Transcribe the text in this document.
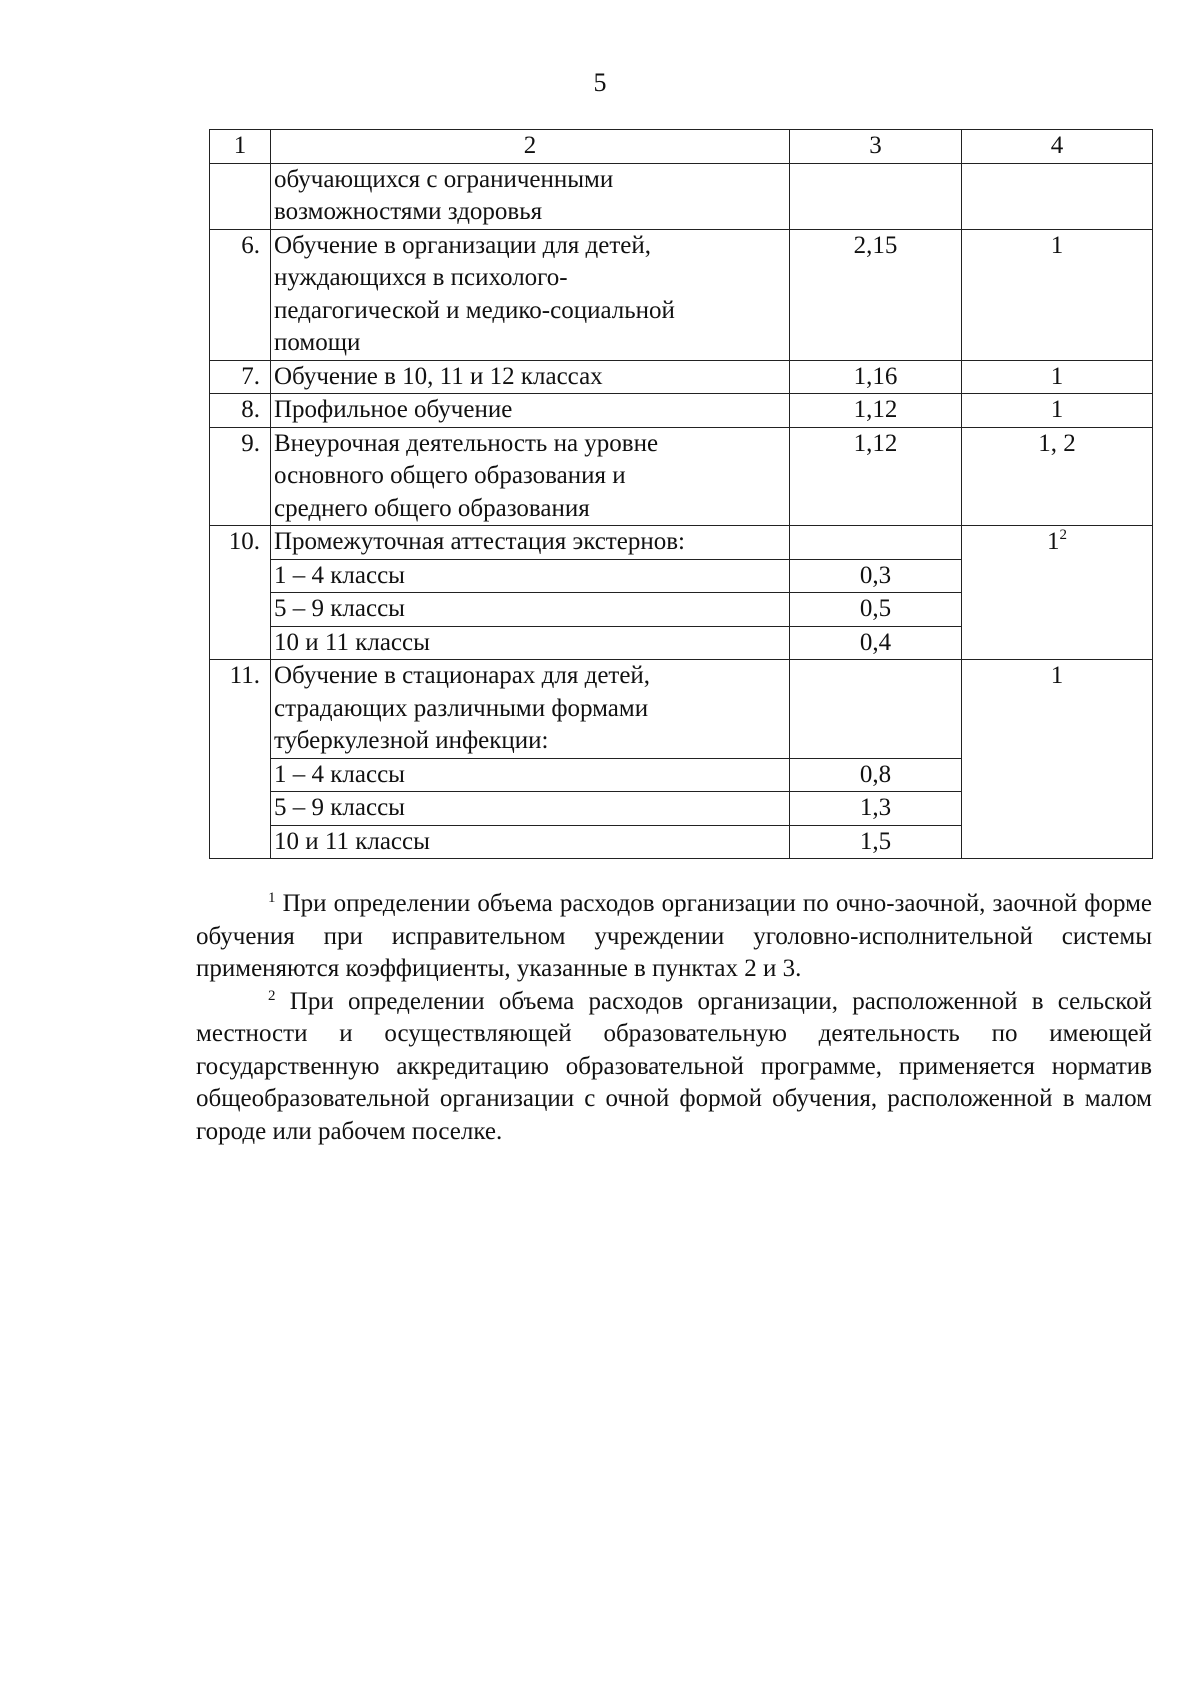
5
1	2	3	4

	обучающихся с ограниченными
возможностями здоровья		

6.	Обучение в организации для детей,
нуждающихся в психолого-
педагогической и медико-социальной
помощи	2,15	1
7.	Обучение в 10, 11 и 12 классах	1,16	1
8.	Профильное обучение	1,12	1
9.	Внеурочная деятельность на уровне
основного общего образования и
среднего общего образования	1,12	1, 2
10.	Промежуточная аттестация экстернов:		$1^2$
	1 – 4 классы	0,3	
	5 – 9 классы	0,5	
	10 и 11 классы	0,4	
11.	Обучение в стационарах для детей,
страдающих различными формами
туберкулезной инфекции:		1
	1 – 4 классы	0,8	
	5 – 9 классы	1,3	
	10 и 11 классы	1,5	

$^1$ При определении объема расходов организации по очно-заочной, заочной форме обучения при исправительном учреждении уголовно-исполнительной системы применяются коэффициенты, указанные в пунктах 2 и 3.

$^2$ При определении объема расходов организации, расположенной в сельской местности и осуществляющей образовательную деятельность по имеющей государственную аккредитацию образовательной программе, применяется норматив общеобразовательной организации с очной формой обучения, расположенной в малом городе или рабочем поселке.
